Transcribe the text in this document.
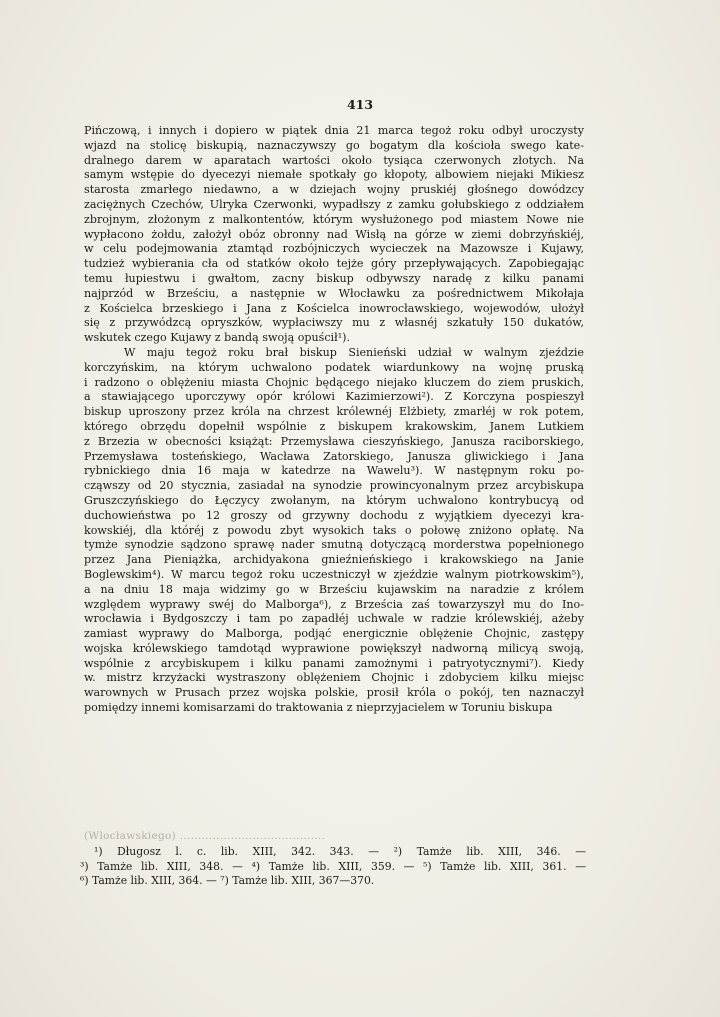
413
Pińczową, i innych i dopiero w piątek dnia 21 marca tegoż roku odbył uroczysty
wjazd na stolicę biskupią, naznaczywszy go bogatym dla kościoła swego kate-
dralnego darem w aparatach wartości około tysiąca czerwonych złotych. Na
samym wstępie do dyecezyi niemałe spotkały go kłopoty, albowiem niejaki Mikiesz
starosta zmarłego niedawno, a w dziejach wojny pruskiéj głośnego dowódzcy
zaciężnych Czechów, Ulryka Czerwonki, wypadłszy z zamku gołubskiego z oddziałem
zbrojnym, złożonym z malkontentów, którym wysłużonego pod miastem Nowe nie
wypłacono żołdu, założył obóz obronny nad Wisłą na górze w ziemi dobrzyńskiéj,
w celu podejmowania ztamtąd rozbójniczych wycieczek na Mazowsze i Kujawy,
tudzież wybierania cła od statków około tejże góry przepływających. Zapobiegając
temu łupiestwu i gwałtom, zacny biskup odbywszy naradę z kilku panami
najprzód w Brześciu, a następnie w Włocławku za pośrednictwem Mikołaja
z Kościelca brzeskiego i Jana z Kościelca inowrocławskiego, wojewodów, ułożył
się z przywódzcą opryszków, wypłaciwszy mu z własnéj szkatuły 150 dukatów,
wskutek czego Kujawy z bandą swoją opuścił¹).
W maju tegoż roku brał biskup Sienieński udział w walnym zjeździe
korczyńskim, na którym uchwalono podatek wiardunkowy na wojnę pruską
i radzono o oblężeniu miasta Chojnic będącego niejako kluczem do ziem pruskich,
a stawiającego uporczywy opór królowi Kazimierzowi²). Z Korczyna pospieszył
biskup uproszony przez króla na chrzest królewnéj Elżbiety, zmarłéj w rok potem,
którego obrzędu dopełnił wspólnie z biskupem krakowskim, Janem Lutkiem
z Brzezia w obecności książąt: Przemysława cieszyńskiego, Janusza raciborskiego,
Przemysława tosteńskiego, Wacława Zatorskiego, Janusza gliwickiego i Jana
rybnickiego dnia 16 maja w katedrze na Wawelu³). W następnym roku po-
cząwszy od 20 stycznia, zasiadał na synodzie prowincyonalnym przez arcybiskupa
Gruszczyńskiego do Łęczycy zwołanym, na którym uchwalono kontrybucyą od
duchowieństwa po 12 groszy od grzywny dochodu z wyjątkiem dyecezyi kra-
kowskiéj, dla któréj z powodu zbyt wysokich taks o połowę zniżono opłatę. Na
tymże synodzie sądzono sprawę nader smutną dotyczącą morderstwa popełnionego
przez Jana Pieniążka, archidyakona gnieźnieńskiego i krakowskiego na Janie
Boglewskim⁴). W marcu tegoż roku uczestniczył w zjeździe walnym piotrkowskim⁵),
a na dniu 18 maja widzimy go w Brześciu kujawskim na naradzie z królem
względem wyprawy swéj do Malborga⁶), z Brześcia zaś towarzyszył mu do Ino-
wrocławia i Bydgoszczy i tam po zapadłéj uchwale w radzie królewskiéj, ażeby
zamiast wyprawy do Malborga, podjąć energicznie oblężenie Chojnic, zastępy
wojska królewskiego tamdotąd wyprawione powiększył nadworną milicyą swoją,
wspólnie z arcybiskupem i kilku panami zamożnymi i patryotycznymi⁷). Kiedy
w. mistrz krzyżacki wystraszony oblężeniem Chojnic i zdobyciem kilku miejsc
warownych w Prusach przez wojska polskie, prosił króla o pokój, ten naznaczył
pomiędzy innemi komisarzami do traktowania z nieprzyjacielem w Toruniu biskupa
(Wlocławskiego) ........................................
¹) Długosz l. c. lib. XIII, 342. 343. — ²) Tamże lib. XIII, 346. —
³) Tamże lib. XIII, 348. — ⁴) Tamże lib. XIII, 359. — ⁵) Tamże lib. XIII, 361. —
⁶) Tamże lib. XIII, 364. — ⁷) Tamże lib. XIII, 367—370.
